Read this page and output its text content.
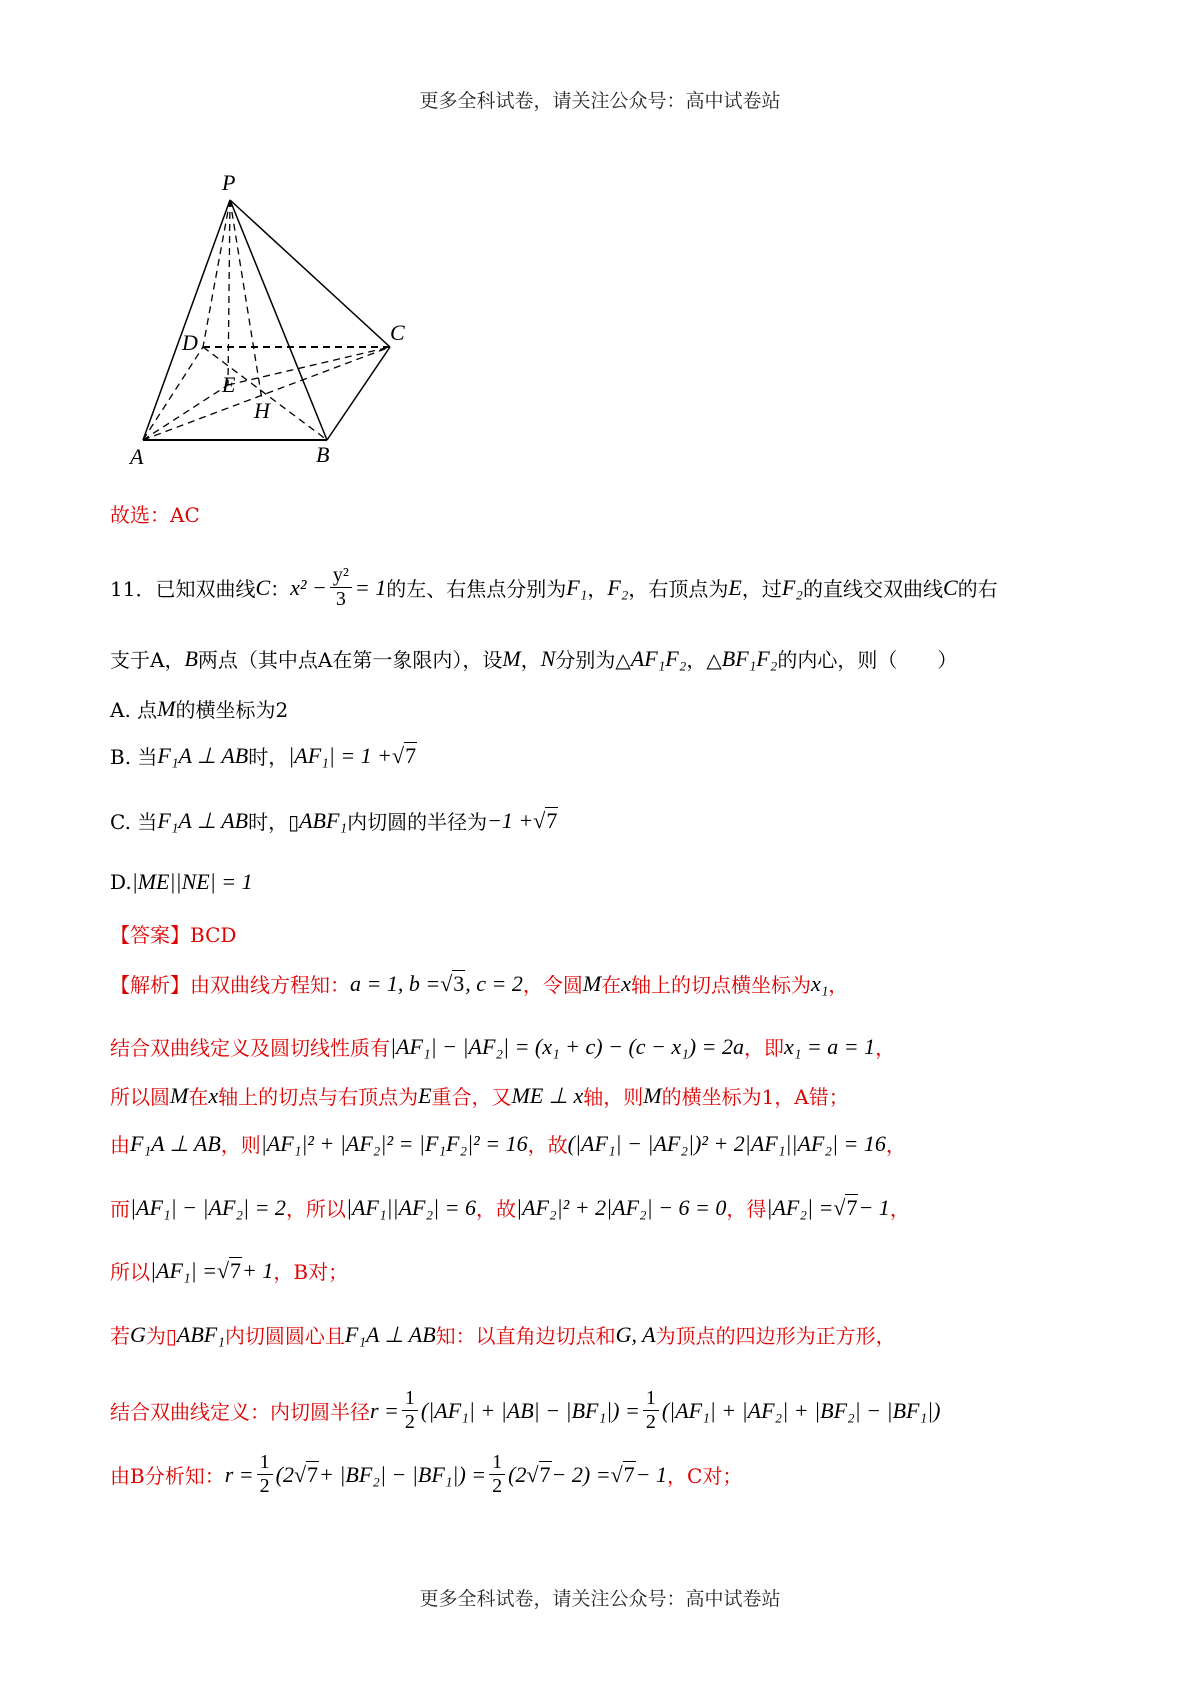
更多全科试卷，请关注公众号：高中试卷站
P
D	C
E
H
A	B
故选：AC
11．已知双曲线 C ： $x^2 - \frac{\text{y²}}{3} = 1$ 的左、右焦点分别为 F₁ ， F₂ ，右顶点为 E ，过 F₂ 的直线交双曲线 C 的右
支于A， B 两点（其中点A在第一象限内），设 M ， N 分别为△ AF₁F₂ ，△ BF₁F₂ 的内心，则（　　）
A. 点 M 的横坐标为2
B. 当 F₁A ⊥ AB 时， |AF₁| = 1 + √7
C. 当 F₁A ⊥ AB 时，▯ ABF₁ 内切圆的半径为 −1 + √7
D. |ME||NE| = 1
【答案】BCD
【解析】由双曲线方程知： a = 1, b = √3 , c = 2 ，令圆 M 在 x 轴上的切点横坐标为 x₁ ，
结合双曲线定义及圆切线性质有 |AF₁| − |AF₂| = (x₁ + c) − (c − x₁) = 2a ，即 x₁ = a = 1 ，
所以圆 M 在 x 轴上的切点与右顶点为 E 重合，又 ME ⊥ x 轴，则 M 的横坐标为1，A错；
由 F₁A ⊥ AB ，则 |AF₁|² + |AF₂|² = |F₁F₂|² = 16 ，故 (|AF₁| − |AF₂|)² + 2|AF₁||AF₂| = 16 ，
而 |AF₁| − |AF₂| = 2 ，所以 |AF₁||AF₂| = 6 ，故 |AF₂|² + 2|AF₂| − 6 = 0 ，得 |AF₂| = √7 − 1 ，
所以 |AF₁| = √7 + 1 ，B对；
若 G 为▯ ABF₁ 内切圆圆心且 F₁A ⊥ AB 知：以直角边切点和 G, A 为顶点的四边形为正方形，
结合双曲线定义：内切圆半径 $r = \frac{1}{2} (|AF_1| + |AB| - |BF_1|) = \frac{1}{2} (|AF_1| + |AF_2| + |BF_2| - |BF_1|)$
由B分析知： $r = \frac{1}{2} (2$ $√7 + |BF_2| - |BF_1|) = \frac{1}{2} (2$ √7 − 2) = √7 − 1 ，C对；
更多全科试卷，请关注公众号：高中试卷站
